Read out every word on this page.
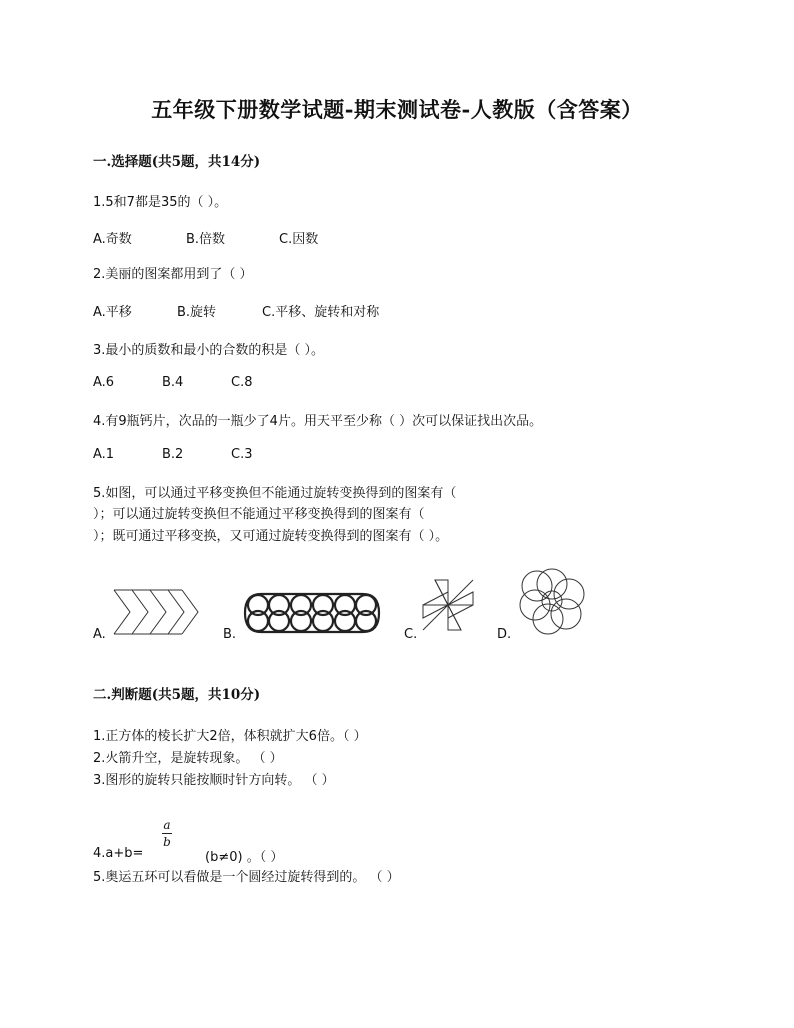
五年级下册数学试题-期末测试卷-人教版（含答案）
一.选择题(共5题，共14分)
1.5和7都是35的（ ）。
A.奇数	B.倍数	C.因数
2.美丽的图案都用到了（ ）
A.平移	B.旋转	C.平移、旋转和对称
3.最小的质数和最小的合数的积是（ ）。
A.6	B.4	C.8
4.有9瓶钙片，次品的一瓶少了4片。用天平至少称（ ）次可以保证找出次品。
A.1	B.2	C.3
5.如图，可以通过平移变换但不能通过旋转变换得到的图案有（
）；可以通过旋转变换但不能通过平移变换得到的图案有（
）；既可通过平移变换，又可通过旋转变换得到的图案有（ ）。
A.	B.	C.	D.
二.判断题(共5题，共10分)
1.正方体的棱长扩大2倍，体积就扩大6倍。（ ）
2.火箭升空，是旋转现象。 （ ）
3.图形的旋转只能按顺时针方向转。 （ ）
4.a+b=
a
b
(b≠0) 。（ ）
5.奥运五环可以看做是一个圆经过旋转得到的。 （ ）
